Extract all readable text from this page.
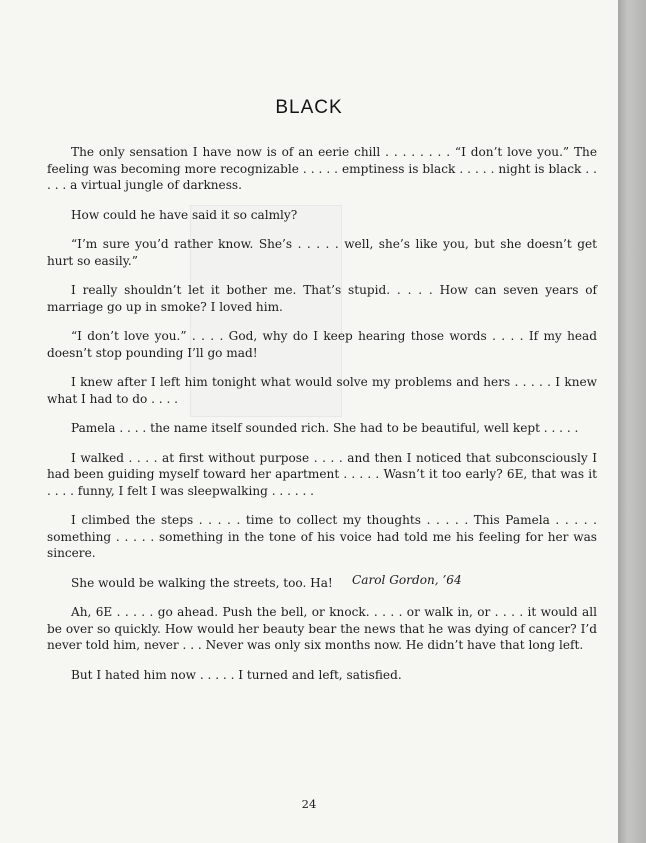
BLACK

The only sensation I have now is of an eerie chill . . . . . . . . “I don’t love you.” The feeling was becoming more recognizable . . . . . emptiness is black . . . . . night is black . . . . . a virtual jungle of darkness.

How could he have said it so calmly?

“I’m sure you’d rather know. She’s . . . . . well, she’s like you, but she doesn’t get hurt so easily.”

I really shouldn’t let it bother me. That’s stupid. . . . . How can seven years of marriage go up in smoke? I loved him.

“I don’t love you.” . . . . God, why do I keep hearing those words . . . . If my head doesn’t stop pounding I’ll go mad!

I knew after I left him tonight what would solve my problems and hers . . . . . I knew what I had to do . . . .

Pamela . . . . the name itself sounded rich. She had to be beautiful, well kept . . . . .

I walked . . . . at first without purpose . . . . and then I noticed that subconsciously I had been guiding myself toward her apartment . . . . . Wasn’t it too early? 6E, that was it . . . . funny, I felt I was sleepwalking . . . . . .

I climbed the steps . . . . . time to collect my thoughts . . . . . This Pamela . . . . . something . . . . . something in the tone of his voice had told me his feeling for her was sincere.

She would be walking the streets, too. Ha!

Ah, 6E . . . . . go ahead. Push the bell, or knock. . . . . or walk in, or . . . . it would all be over so quickly. How would her beauty bear the news that he was dying of cancer? I’d never told him, never . . . Never was only six months now. He didn’t have that long left.

But I hated him now . . . . . I turned and left, satisfied.

Carol Gordon, ’64
24
